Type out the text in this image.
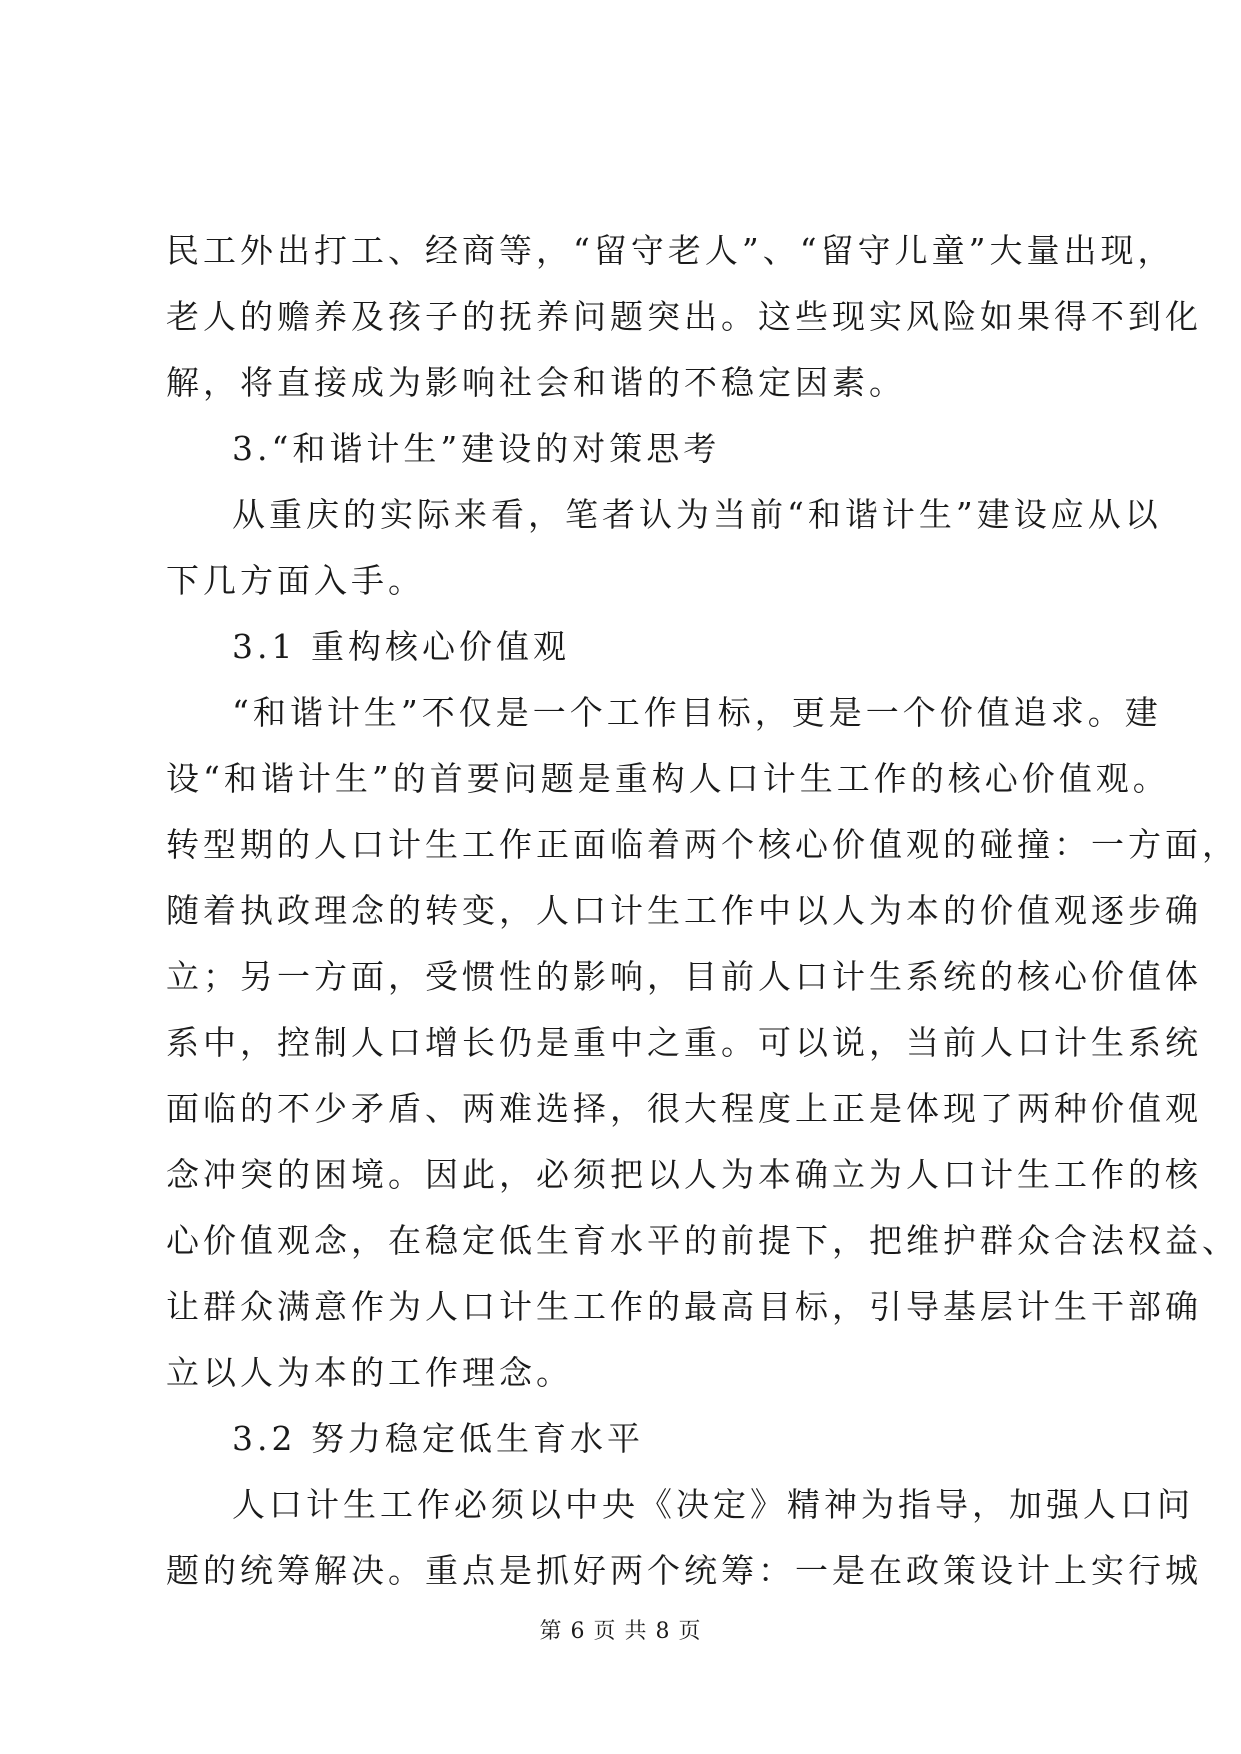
民工外出打工、经商等，“留守老人”、“留守儿童”大量出现，
老人的赡养及孩子的抚养问题突出。这些现实风险如果得不到化
解，将直接成为影响社会和谐的不稳定因素。
3.“和谐计生”建设的对策思考
从重庆的实际来看，笔者认为当前“和谐计生”建设应从以
下几方面入手。
3.1 重构核心价值观
“和谐计生”不仅是一个工作目标，更是一个价值追求。建
设“和谐计生”的首要问题是重构人口计生工作的核心价值观。
转型期的人口计生工作正面临着两个核心价值观的碰撞：一方面，
随着执政理念的转变，人口计生工作中以人为本的价值观逐步确
立；另一方面，受惯性的影响，目前人口计生系统的核心价值体
系中，控制人口增长仍是重中之重。可以说，当前人口计生系统
面临的不少矛盾、两难选择，很大程度上正是体现了两种价值观
念冲突的困境。因此，必须把以人为本确立为人口计生工作的核
心价值观念，在稳定低生育水平的前提下，把维护群众合法权益、
让群众满意作为人口计生工作的最高目标，引导基层计生干部确
立以人为本的工作理念。
3.2 努力稳定低生育水平
人口计生工作必须以中央《决定》精神为指导，加强人口问
题的统筹解决。重点是抓好两个统筹：一是在政策设计上实行城
第 6 页 共 8 页
